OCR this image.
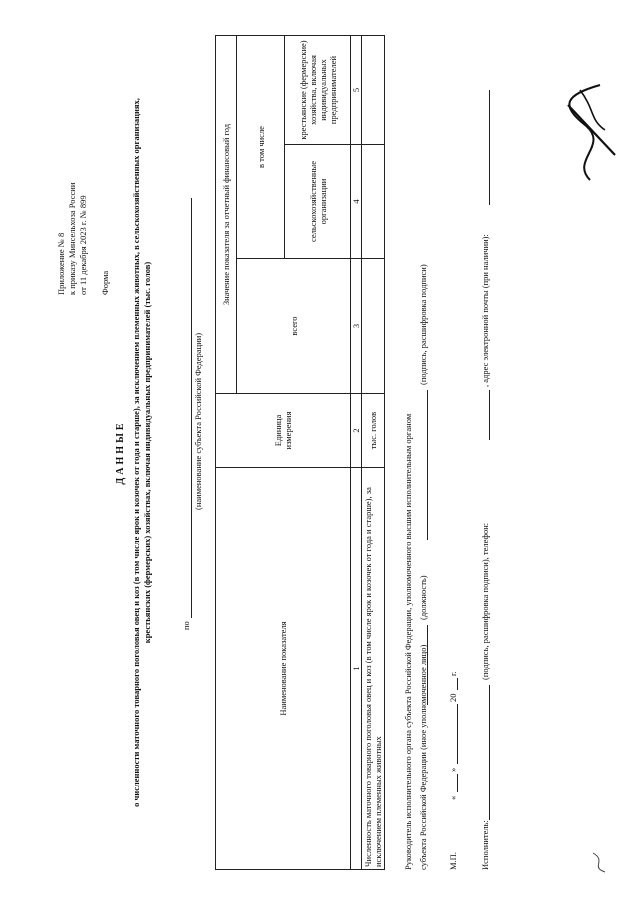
Приложение № 8 к приказу Минсельхоза России от 11 декабря 2023 г. № 899 Форма
ДАННЫЕ о численности маточного товарного поголовья овец и коз (в том числе ярок и козочек от года и старше), за исключением племенных животных, в сельскохозяйственных организациях, крестьянских (фермерских) хозяйствах, включая индивидуальных предпринимателей (тыс. голов)	по
(наименование субъекта Российской Федерации)
Наименование показателя
Единица измерения
Значение показателя за отчетный финансовый год
всего
в том числе
сельскохозяйственные организации
крестьянские (фермерские) хозяйства, включая индивидуальных предпринимателей
1
2
3
4
5
Численность маточного товарного поголовья овец и коз (в том числе ярок и козочек от года и старше), за исключением племенных животных
тыс. голов	Руководитель исполнительного органа субъекта Российской Федерации, уполномоченного высшим исполнительным органом субъекта Российской Федерации (иное уполномоченное лицо)
(должность)
(подпись, расшифровка подписи)
М.П.
«
»
20
г.
Исполнитель:
(подпись, расшифровка подписи), телефон:
, адрес электронной почты (при наличии):
